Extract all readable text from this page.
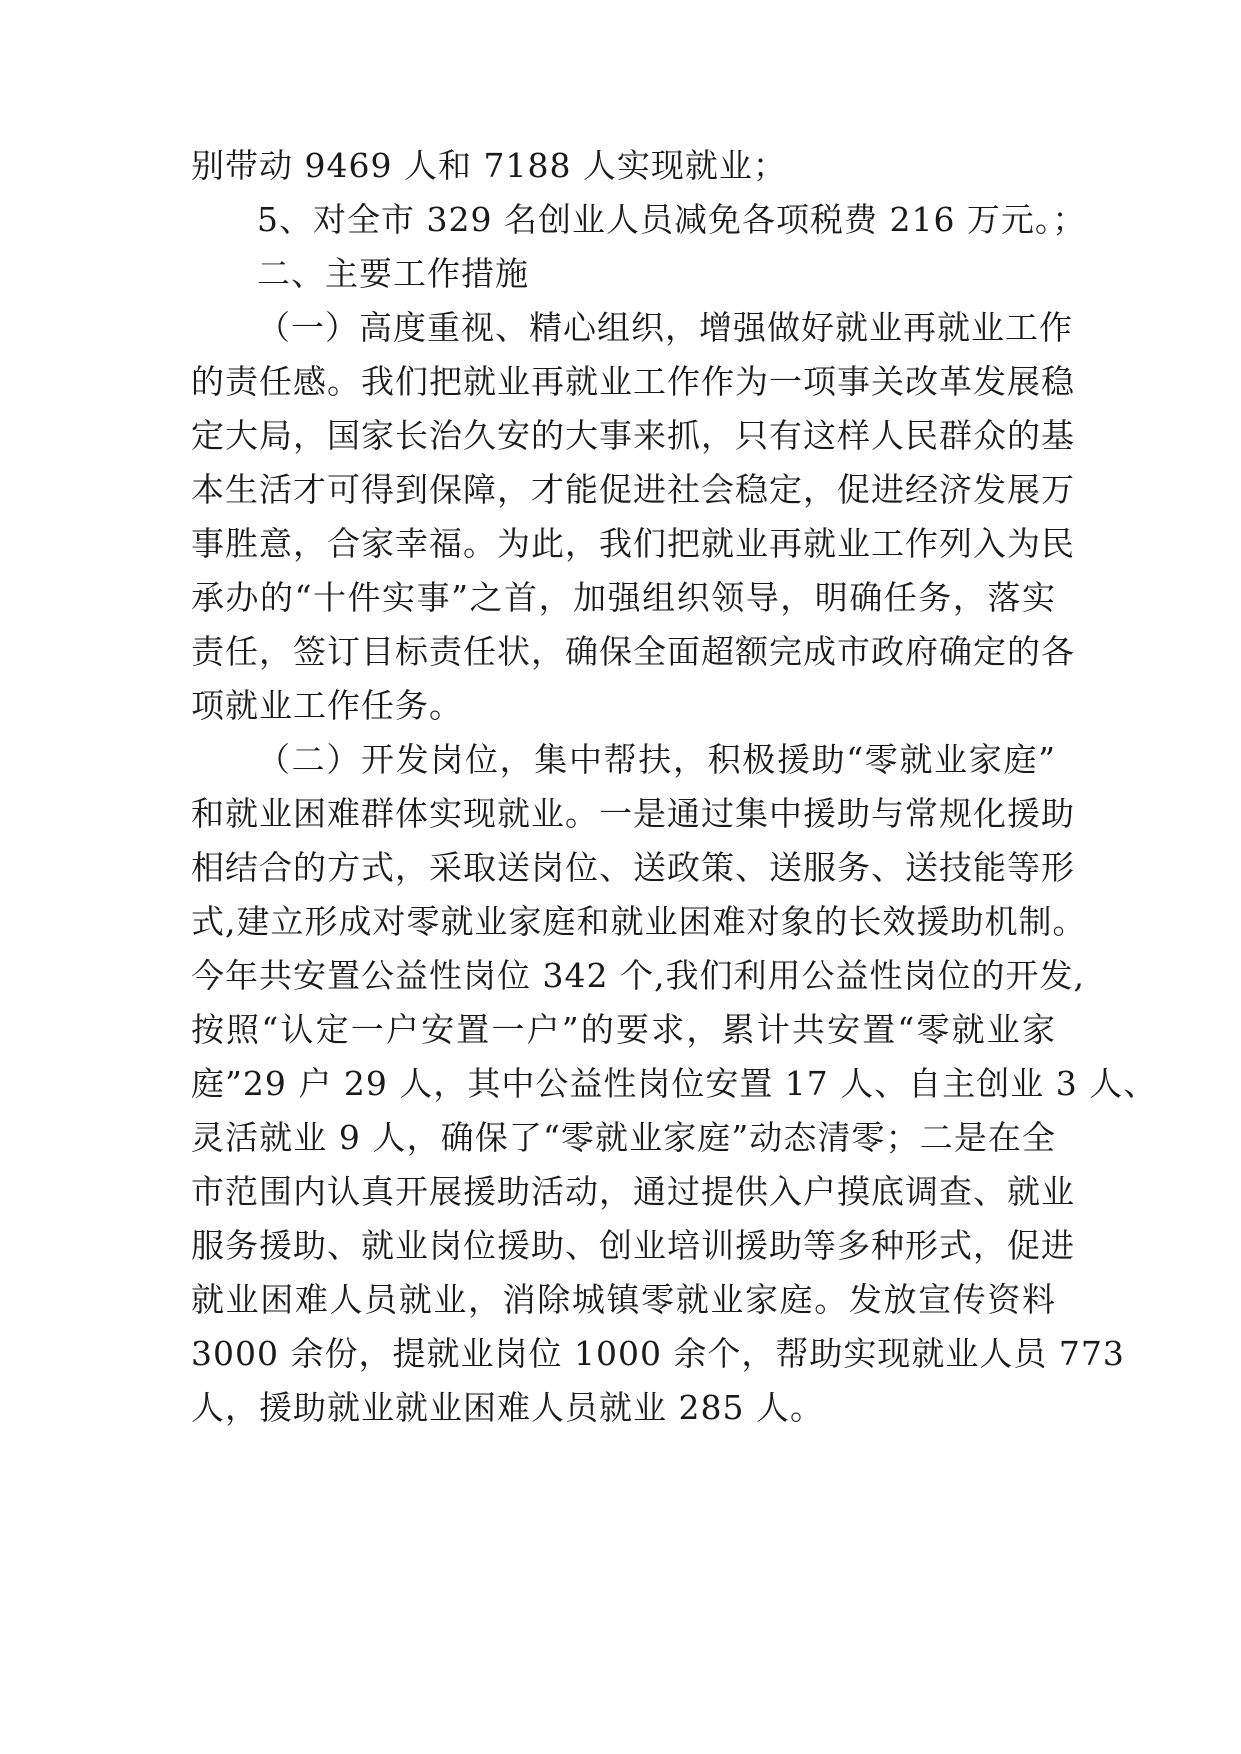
别带动 9469 人和 7188 人实现就业；
5、对全市 329 名创业人员减免各项税费 216 万元。；
二、主要工作措施
（一）高度重视、精心组织，增强做好就业再就业工作
的责任感。我们把就业再就业工作作为一项事关改革发展稳
定大局，国家长治久安的大事来抓，只有这样人民群众的基
本生活才可得到保障，才能促进社会稳定，促进经济发展万
事胜意，合家幸福。为此，我们把就业再就业工作列入为民
承办的“十件实事”之首，加强组织领导，明确任务，落实
责任，签订目标责任状，确保全面超额完成市政府确定的各
项就业工作任务。
（二）开发岗位，集中帮扶，积极援助“零就业家庭”
和就业困难群体实现就业。一是通过集中援助与常规化援助
相结合的方式，采取送岗位、送政策、送服务、送技能等形
式,建立形成对零就业家庭和就业困难对象的长效援助机制。
今年共安置公益性岗位 342 个,我们利用公益性岗位的开发,
按照“认定一户安置一户”的要求，累计共安置“零就业家
庭”29 户 29 人，其中公益性岗位安置 17 人、自主创业 3 人、
灵活就业 9 人，确保了“零就业家庭”动态清零；二是在全
市范围内认真开展援助活动，通过提供入户摸底调查、就业
服务援助、就业岗位援助、创业培训援助等多种形式，促进
就业困难人员就业，消除城镇零就业家庭。发放宣传资料
3000 余份，提就业岗位 1000 余个，帮助实现就业人员 773
人，援助就业就业困难人员就业 285 人。
